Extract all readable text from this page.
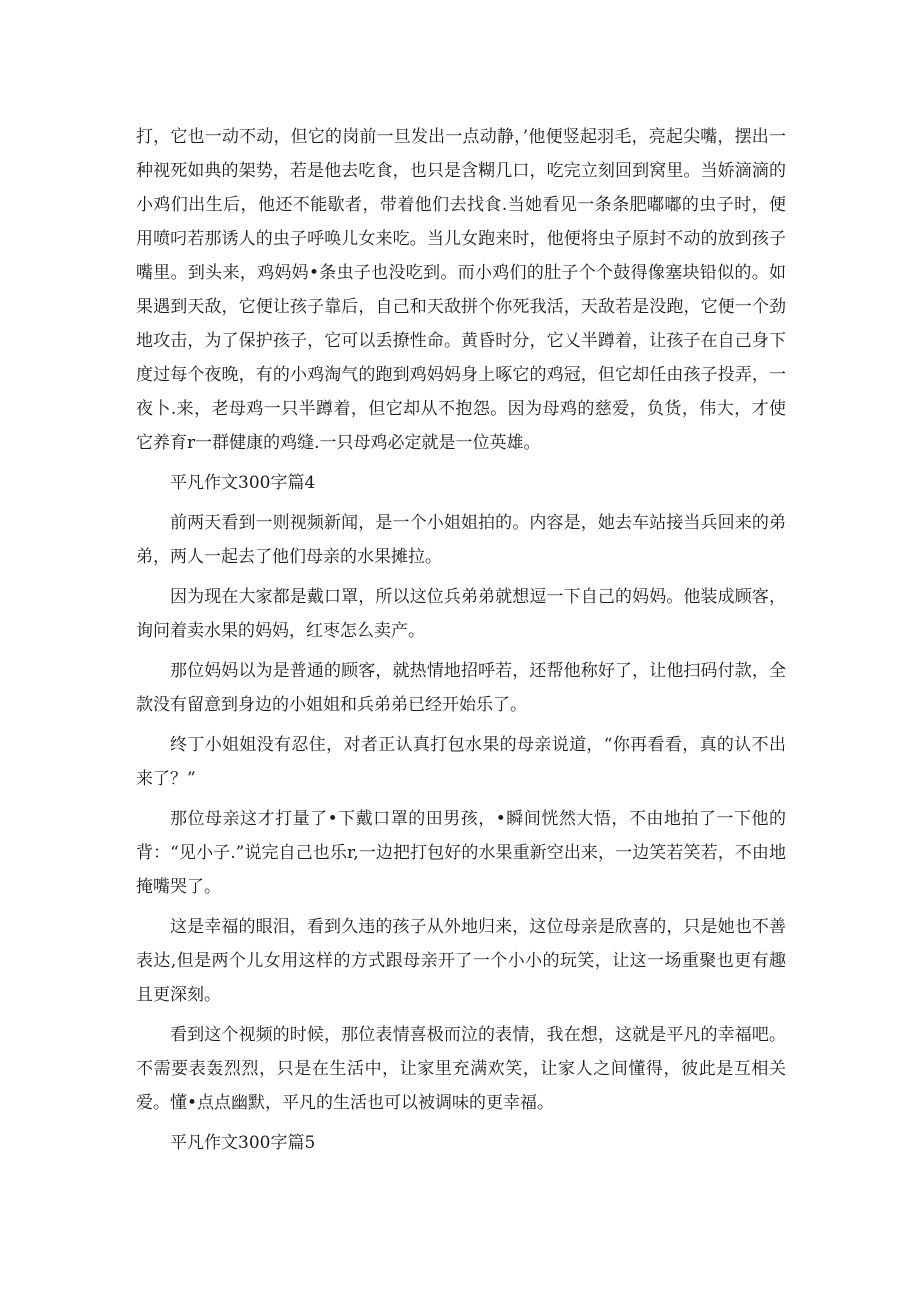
打，它也一动不动，但它的岗前一旦发出一点动静，’他便竖起羽毛，亮起尖嘴，摆出一种视死如典的架势，若是他去吃食，也只是含糊几口，吃完立刻回到窝里。当娇滴滴的小鸡们出生后，他还不能歇者，带着他们去找食.当她看见一条条肥嘟嘟的虫子时，便用喷叼若那诱人的虫子呼唤儿女来吃。当儿女跑来时，他便将虫子原封不动的放到孩子嘴里。到头来，鸡妈妈•条虫子也没吃到。而小鸡们的肚子个个鼓得像塞块铅似的。如果遇到天敌，它便让孩子靠后，自己和天敌拼个你死我活，天敌若是没跑，它便一个劲地攻击，为了保护孩子，它可以丢撩性命。黄昏时分，它乂半蹲着，让孩子在自己身下度过每个夜晚，有的小鸡淘气的跑到鸡妈妈身上啄它的鸡冠，但它却任由孩子投弄，一夜卜.来，老母鸡一只半蹲着，但它却从不抱怨。因为母鸡的慈爱，负货，伟大，才使它养育r一群健康的鸡缝.一只母鸡必定就是一位英雄。

平凡作文300字篇4

前两天看到一则视频新闻，是一个小姐姐拍的。内容是，她去车站接当兵回来的弟弟，两人一起去了他们母亲的水果摊拉。

因为现在大家都是戴口罩，所以这位兵弟弟就想逗一下自己的妈妈。他装成顾客，询问着卖水果的妈妈，红枣怎么卖产。

那位妈妈以为是普通的顾客，就热情地招呼若，还帮他称好了，让他扫码付款，全款没有留意到身边的小姐姐和兵弟弟已经开始乐了。

终丁小姐姐没有忍住，对者正认真打包水果的母亲说道，“你再看看，真的认不出来了？”

那位母亲这才打量了•下戴口罩的田男孩，•瞬间恍然大悟，不由地拍了一下他的背：“见小子.”说完自己也乐r,一边把打包好的水果重新空出来，一边笑若笑若，不由地掩嘴哭了。

这是幸福的眼泪，看到久违的孩子从外地归来，这位母亲是欣喜的，只是她也不善表达,但是两个儿女用这样的方式跟母亲开了一个小小的玩笑，让这一场重聚也更有趣且更深刻。

看到这个视频的时候，那位表情喜极而泣的表情，我在想，这就是平凡的幸福吧。不需要表轰烈烈，只是在生活中，让家里充满欢笑，让家人之间懂得，彼此是互相关爱。懂•点点幽默，平凡的生活也可以被调味的更幸福。

平凡作文300字篇5
